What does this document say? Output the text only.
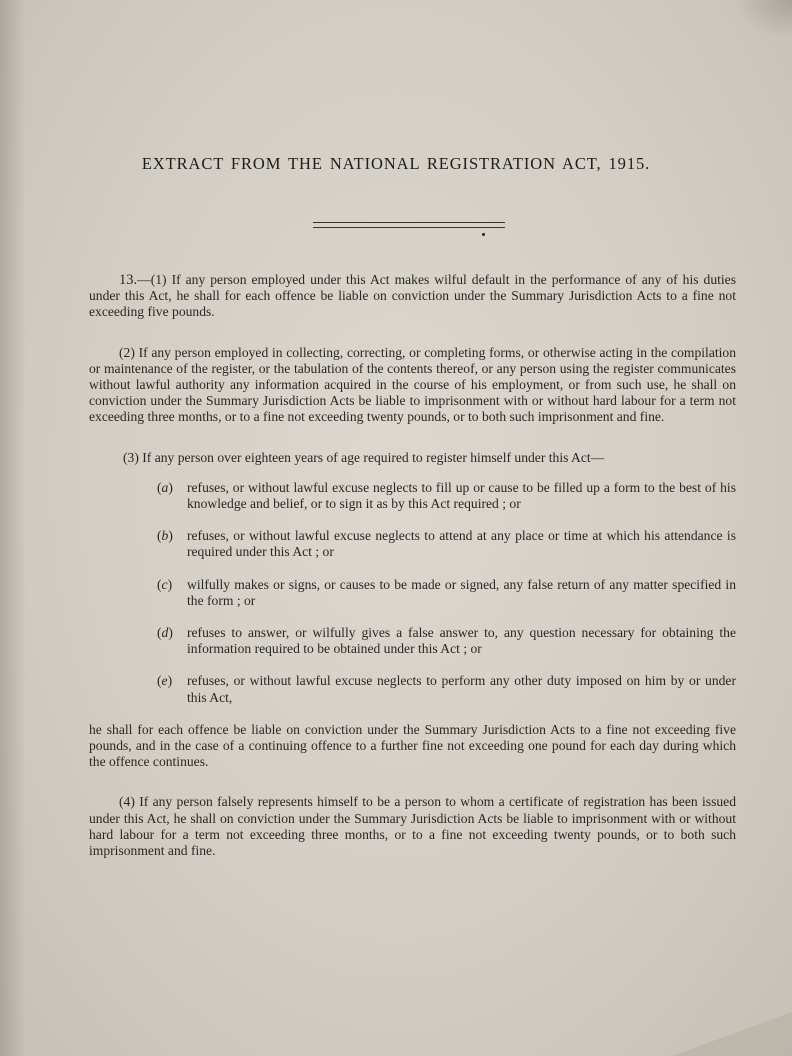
EXTRACT FROM THE NATIONAL REGISTRATION ACT, 1915.

13.—(1) If any person employed under this Act makes wilful default in the performance of any of his duties under this Act, he shall for each offence be liable on conviction under the Summary Jurisdiction Acts to a fine not exceeding five pounds.

(2) If any person employed in collecting, correcting, or completing forms, or otherwise acting in the compilation or maintenance of the register, or the tabulation of the contents thereof, or any person using the register communicates without lawful authority any information acquired in the course of his employment, or from such use, he shall on conviction under the Summary Jurisdiction Acts be liable to imprisonment with or without hard labour for a term not exceeding three months, or to a fine not exceeding twenty pounds, or to both such imprisonment and fine.

(3) If any person over eighteen years of age required to register himself under this Act—

(a)	refuses, or without lawful excuse neglects to fill up or cause to be filled up a form to the best of his knowledge and belief, or to sign it as by this Act required ; or
(b)	refuses, or without lawful excuse neglects to attend at any place or time at which his attendance is required under this Act ; or
(c)	wilfully makes or signs, or causes to be made or signed, any false return of any matter specified in the form ; or
(d)	refuses to answer, or wilfully gives a false answer to, any question necessary for obtaining the information required to be obtained under this Act ; or
(e)	refuses, or without lawful excuse neglects to perform any other duty imposed on him by or under this Act,

he shall for each offence be liable on conviction under the Summary Jurisdiction Acts to a fine not exceeding five pounds, and in the case of a continuing offence to a further fine not exceeding one pound for each day during which the offence continues.

(4) If any person falsely represents himself to be a person to whom a certificate of registration has been issued under this Act, he shall on conviction under the Summary Jurisdiction Acts be liable to imprisonment with or without hard labour for a term not exceeding three months, or to a fine not exceeding twenty pounds, or to both such imprisonment and fine.
